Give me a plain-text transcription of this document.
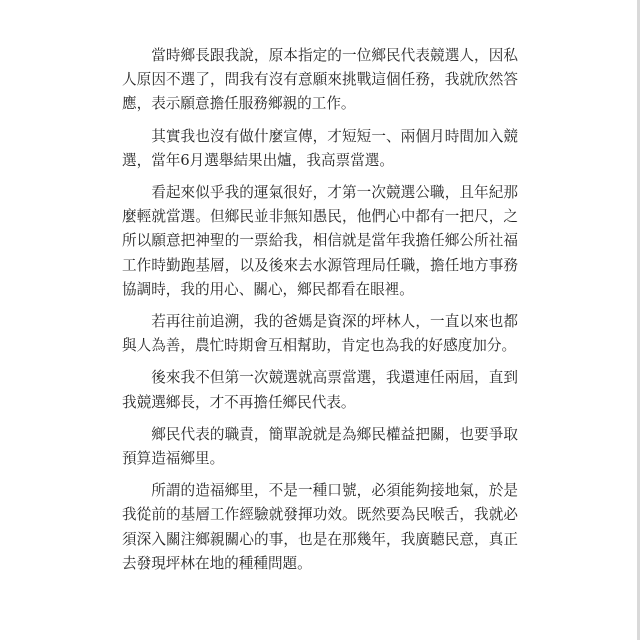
當時鄉長跟我說，原本指定的一位鄉民代表競選人，因私人原因不選了，問我有沒有意願來挑戰這個任務，我就欣然答應，表示願意擔任服務鄉親的工作。

其實我也沒有做什麼宣傳，才短短一、兩個月時間加入競選，當年6月選舉結果出爐，我高票當選。

看起來似乎我的運氣很好，才第一次競選公職，且年紀那麼輕就當選。但鄉民並非無知愚民，他們心中都有一把尺，之所以願意把神聖的一票給我，相信就是當年我擔任鄉公所社福工作時勤跑基層，以及後來去水源管理局任職，擔任地方事務協調時，我的用心、關心，鄉民都看在眼裡。

若再往前追溯，我的爸媽是資深的坪林人，一直以來也都與人為善，農忙時期會互相幫助，肯定也為我的好感度加分。

後來我不但第一次競選就高票當選，我還連任兩屆，直到我競選鄉長，才不再擔任鄉民代表。

鄉民代表的職責，簡單說就是為鄉民權益把關，也要爭取預算造福鄉里。

所謂的造福鄉里，不是一種口號，必須能夠接地氣，於是我從前的基層工作經驗就發揮功效。既然要為民喉舌，我就必須深入關注鄉親關心的事，也是在那幾年，我廣聽民意，真正去發現坪林在地的種種問題。
